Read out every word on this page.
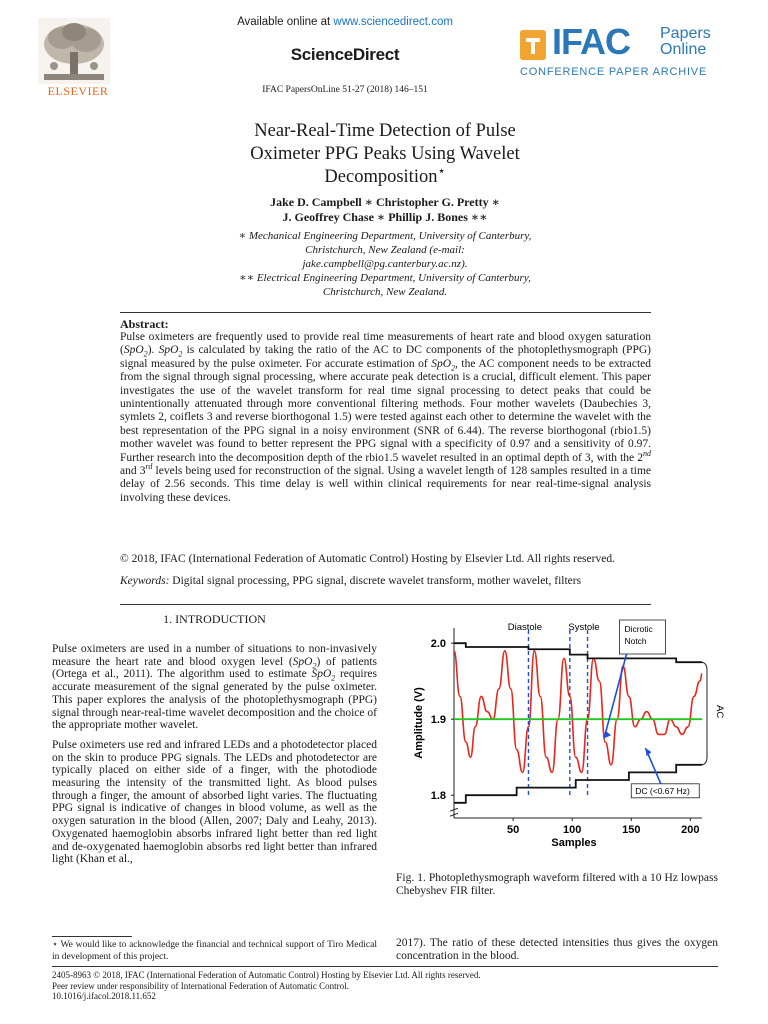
ELSEVIER
Available online at www.sciencedirect.com
ScienceDirect
IFAC PapersOnLine 51-27 (2018) 146–151
IFAC Papers
Online
CONFERENCE PAPER ARCHIVE
Near-Real-Time Detection of Pulse
Oximeter PPG Peaks Using Wavelet
Decomposition⋆
Jake D. Campbell ∗ Christopher G. Pretty ∗
J. Geoffrey Chase ∗ Phillip J. Bones ∗∗
∗ Mechanical Engineering Department, University of Canterbury,
Christchurch, New Zealand (e-mail:
jake.campbell@pg.canterbury.ac.nz).
∗∗ Electrical Engineering Department, University of Canterbury,
Christchurch, New Zealand.
Abstract:
Pulse oximeters are frequently used to provide real time measurements of heart rate and blood oxygen saturation (SpO$_2$). SpO$_2$ is calculated by taking the ratio of the AC to DC components of the photoplethysmograph (PPG) signal measured by the pulse oximeter. For accurate estimation of SpO$_2$, the AC component needs to be extracted from the signal through signal processing, where accurate peak detection is a crucial, difficult element. This paper investigates the use of the wavelet transform for real time signal processing to detect peaks that could be unintentionally attenuated through more conventional filtering methods. Four mother wavelets (Daubechies 3, symlets 2, coiflets 3 and reverse biorthogonal 1.5) were tested against each other to determine the wavelet with the best representation of the PPG signal in a noisy environment (SNR of 6.44). The reverse biorthogonal (rbio1.5) mother wavelet was found to better represent the PPG signal with a specificity of 0.97 and a sensitivity of 0.97. Further research into the decomposition depth of the rbio1.5 wavelet resulted in an optimal depth of 3, with the 2nd and 3rd levels being used for reconstruction of the signal. Using a wavelet length of 128 samples resulted in a time delay of 2.56 seconds. This time delay is well within clinical requirements for near real-time-signal analysis involving these devices.
© 2018, IFAC (International Federation of Automatic Control) Hosting by Elsevier Ltd. All rights reserved.
Keywords: Digital signal processing, PPG signal, discrete wavelet transform, mother wavelet, filters
1. INTRODUCTION

Pulse oximeters are used in a number of situations to non-invasively measure the heart rate and blood oxygen level (SpO$_2$) of patients (Ortega et al., 2011). The algorithm used to estimate SpO$_2$ requires accurate measurement of the signal generated by the pulse oximeter. This paper explores the analysis of the photoplethysmograph (PPG) signal through near-real-time wavelet decomposition and the choice of the appropriate mother wavelet.

Pulse oximeters use red and infrared LEDs and a photodetector placed on the skin to produce PPG signals. The LEDs and photodetector are typically placed on either side of a finger, with the photodiode measuring the intensity of the transmitted light. As blood pulses through a finger, the amount of absorbed light varies. The fluctuating PPG signal is indicative of changes in blood volume, as well as the oxygen saturation in the blood (Allen, 2007; Daly and Leahy, 2013). Oxygenated haemoglobin absorbs infrared light better than red light and de-oxygenated haemoglobin absorbs red light better than infrared light (Khan et al.,

1.8
1.9
2.0
50	100	150	200
Samples
Amplitude (V)
Diastole	Systole	Dicrotic
Notch
AC
DC (<0.67 Hz)
Fig. 1. Photoplethysmograph waveform filtered with a 10 Hz lowpass Chebyshev FIR filter.
⋆ We would like to acknowledge the financial and technical support of Tiro Medical in development of this project.
2017). The ratio of these detected intensities thus gives the oxygen concentration in the blood.
2405-8963 © 2018, IFAC (International Federation of Automatic Control) Hosting by Elsevier Ltd. All rights reserved.
Peer review under responsibility of International Federation of Automatic Control.
10.1016/j.ifacol.2018.11.652
